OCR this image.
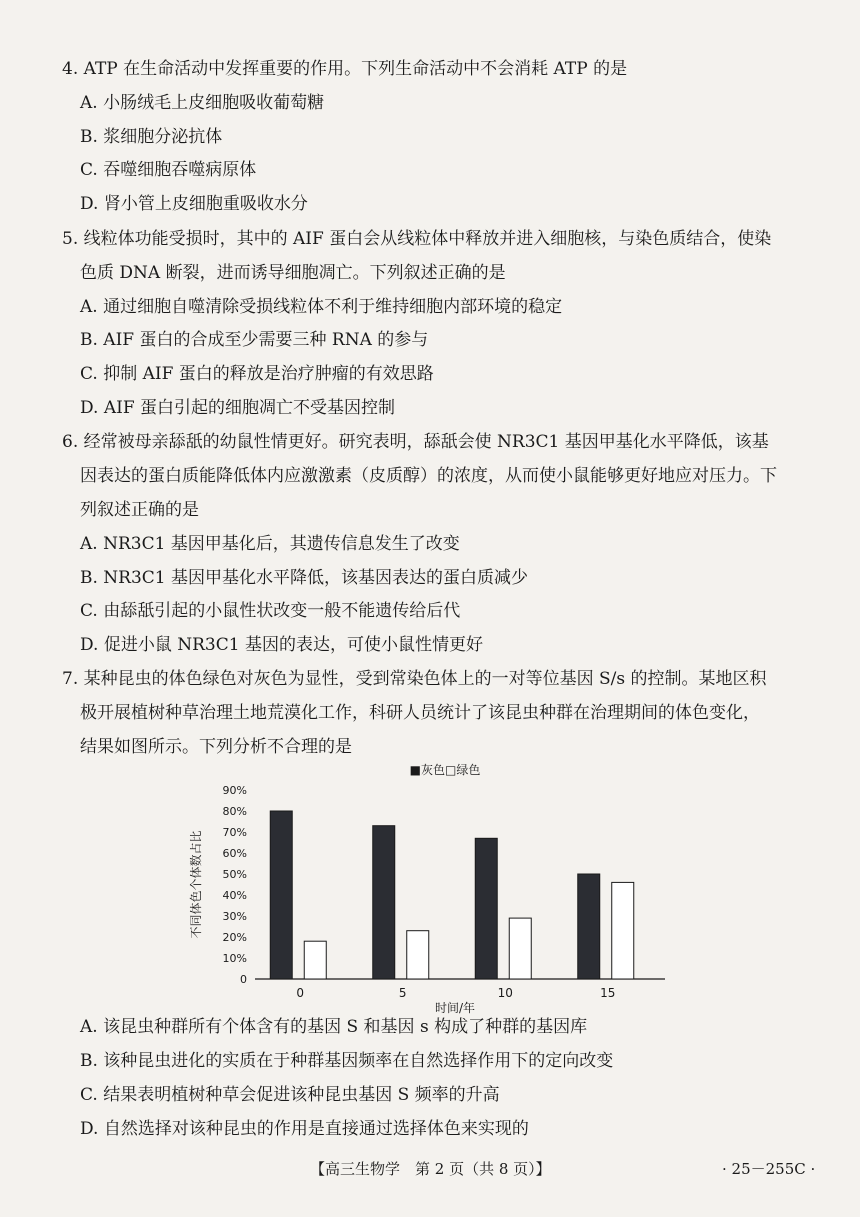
4. ATP 在生命活动中发挥重要的作用。下列生命活动中不会消耗 ATP 的是
A. 小肠绒毛上皮细胞吸收葡萄糖
B. 浆细胞分泌抗体
C. 吞噬细胞吞噬病原体
D. 肾小管上皮细胞重吸收水分
5. 线粒体功能受损时，其中的 AIF 蛋白会从线粒体中释放并进入细胞核，与染色质结合，使染
色质 DNA 断裂，进而诱导细胞凋亡。下列叙述正确的是
A. 通过细胞自噬清除受损线粒体不利于维持细胞内部环境的稳定
B. AIF 蛋白的合成至少需要三种 RNA 的参与
C. 抑制 AIF 蛋白的释放是治疗肿瘤的有效思路
D. AIF 蛋白引起的细胞凋亡不受基因控制
6. 经常被母亲舔舐的幼鼠性情更好。研究表明，舔舐会使 NR3C1 基因甲基化水平降低，该基
因表达的蛋白质能降低体内应激激素（皮质醇）的浓度，从而使小鼠能够更好地应对压力。下
列叙述正确的是
A. NR3C1 基因甲基化后，其遗传信息发生了改变
B. NR3C1 基因甲基化水平降低，该基因表达的蛋白质减少
C. 由舔舐引起的小鼠性状改变一般不能遗传给后代
D. 促进小鼠 NR3C1 基因的表达，可使小鼠性情更好
7. 某种昆虫的体色绿色对灰色为显性，受到常染色体上的一对等位基因 S/s 的控制。某地区积
极开展植树种草治理土地荒漠化工作，科研人员统计了该昆虫种群在治理期间的体色变化，
结果如图所示。下列分析不合理的是
■灰色□绿色
0
10%
20%
30%
40%
50%
60%
70%
80%
90%
不同体色个体数占比
0	5	10	15
时间/年
A. 该昆虫种群所有个体含有的基因 S 和基因 s 构成了种群的基因库
B. 该种昆虫进化的实质在于种群基因频率在自然选择作用下的定向改变
C. 结果表明植树种草会促进该种昆虫基因 S 频率的升高
D. 自然选择对该种昆虫的作用是直接通过选择体色来实现的
【高三生物学　第 2 页（共 8 页）】	· 25－255C ·
